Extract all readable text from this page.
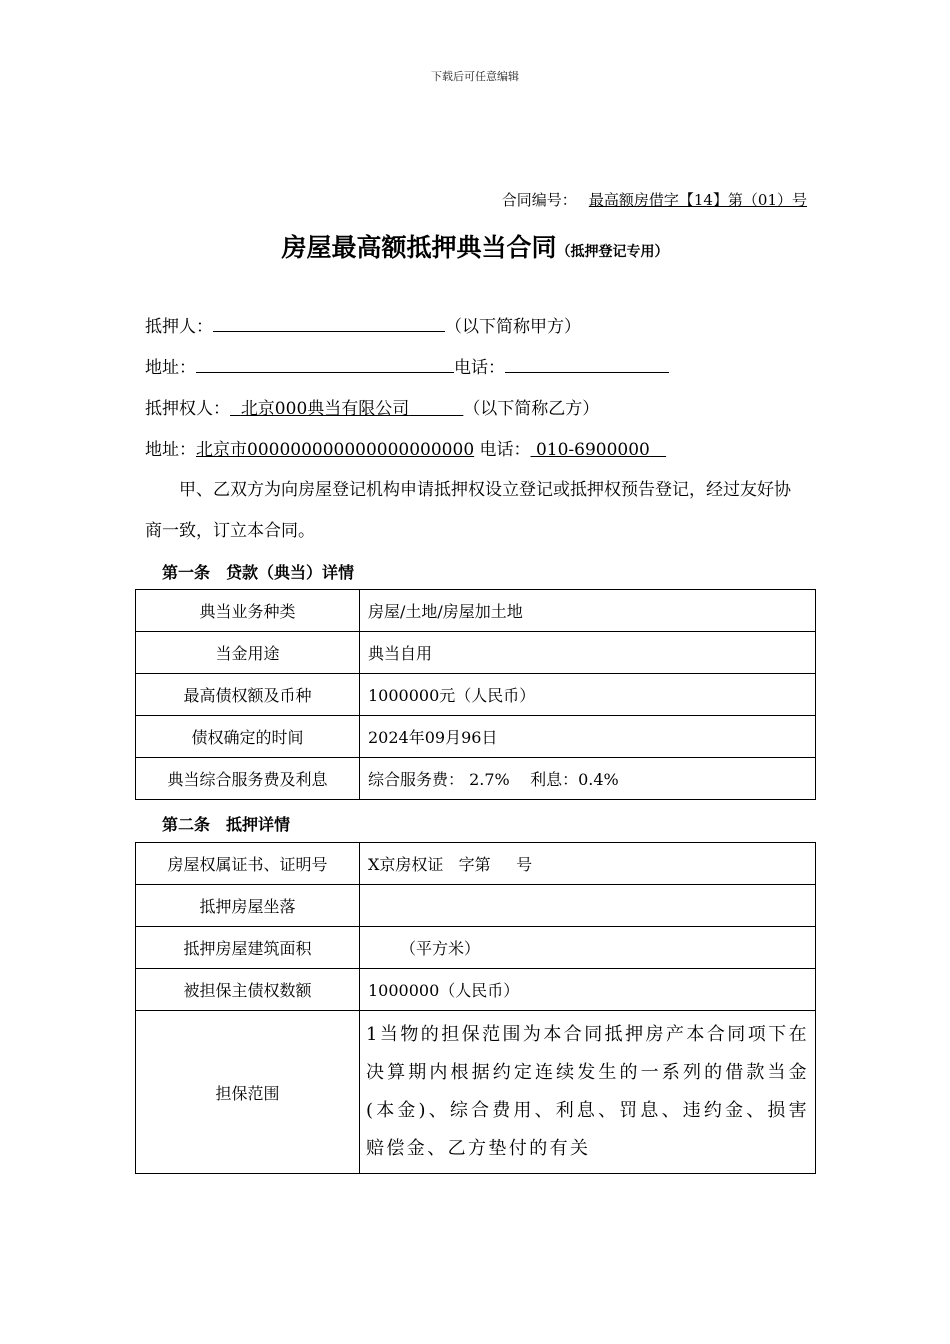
下载后可任意编辑
合同编号： 最高额房借字【14】第（01）号
房屋最高额抵押典当合同（抵押登记专用）
抵押人：	（以下简称甲方）
地址：	电话：
抵押权人： 北京000典当有限公司	（以下简称乙方）
地址：北京市000000000000000000000 电话： 010-6900000
甲、乙双方为向房屋登记机构申请抵押权设立登记或抵押权预告登记，经过友好协商一致，订立本合同。
第一条 贷款（典当）详情
典当业务种类	房屋/土地/房屋加土地
当金用途	典当自用
最高债权额及币种	1000000元（人民币）
债权确定的时间	2024年09月96日
典当综合服务费及利息	综合服务费： 2.7%    利息：0.4%
第二条 抵押详情
房屋权属证书、证明号	X京房权证   字第     号
抵押房屋坐落	
抵押房屋建筑面积	（平方米）
被担保主债权数额	1000000（人民币）
担保范围	1当物的担保范围为本合同抵押房产本合同项下在决算期内根据约定连续发生的一系列的借款当金(本金)、综合费用、利息、罚息、违约金、损害赔偿金、乙方垫付的有关
